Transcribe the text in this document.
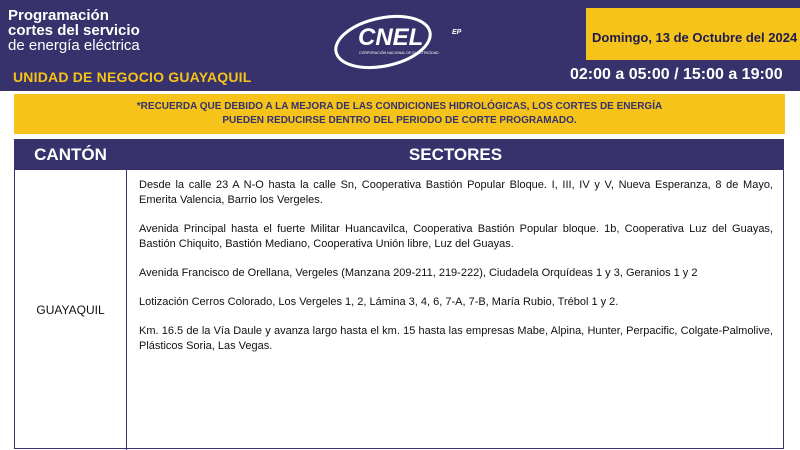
Programación
cortes del servicio
de energía eléctrica
UNIDAD DE NEGOCIO GUAYAQUIL
CNEL	EP
CORPORACIÓN NACIONAL DE ELECTRICIDAD
Domingo, 13 de Octubre del 2024
02:00 a 05:00 / 15:00 a 19:00
*RECUERDA QUE DEBIDO A LA MEJORA DE LAS CONDICIONES HIDROLÓGICAS, LOS CORTES DE ENERGÍA
PUEDEN REDUCIRSE DENTRO DEL PERIODO DE CORTE PROGRAMADO.
CANTÓN	SECTORES
GUAYAQUIL

Desde la calle 23 A N-O hasta la calle Sn, Cooperativa Bastión Popular Bloque. I, III, IV y V, Nueva Esperanza, 8 de Mayo, Emerita Valencia, Barrio los Vergeles.

Avenida Principal hasta el fuerte Militar Huancavilca, Cooperativa Bastión Popular bloque. 1b, Cooperativa Luz del Guayas, Bastión Chiquito, Bastión Mediano, Cooperativa Unión libre, Luz del Guayas.

Avenida Francisco de Orellana, Vergeles (Manzana 209-211, 219-222), Ciudadela Orquídeas 1 y 3, Geranios 1 y 2

Lotización Cerros Colorado, Los Vergeles 1, 2, Lámina 3, 4, 6, 7-A, 7-B, María Rubio, Trébol 1 y 2.

Km. 16.5 de la Vía Daule y avanza largo hasta el km. 15 hasta las empresas Mabe, Alpina, Hunter, Perpacific, Colgate-Palmolive, Plásticos Soria, Las Vegas.
